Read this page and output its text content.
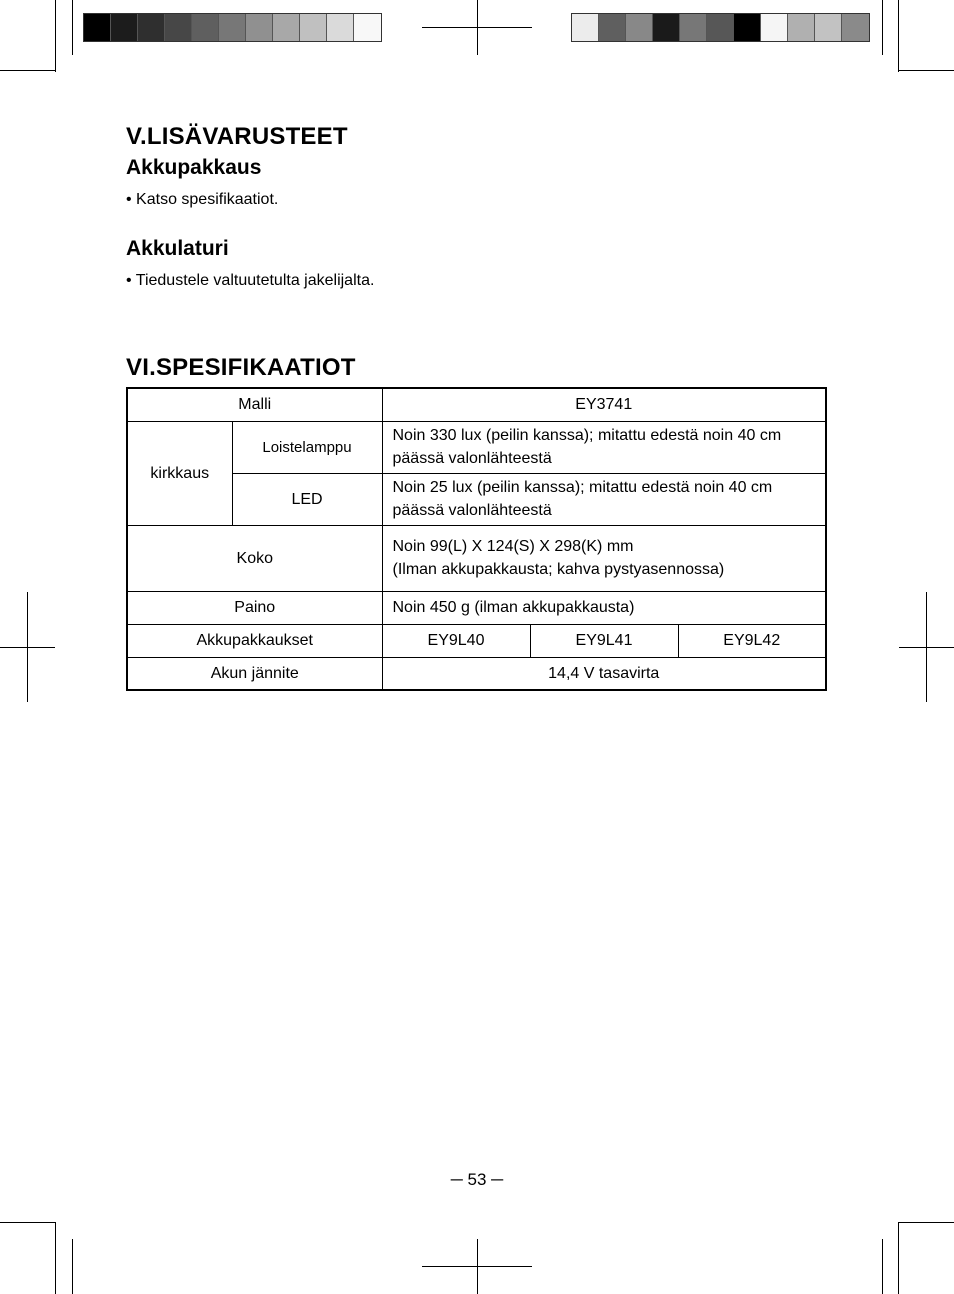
V.LISÄVARUSTEET
Akkupakkaus

• Katso spesifikaatiot.

Akkulaturi

• Tiedustele valtuutetulta jakelijalta.

VI.SPESIFIKAATIOT
Malli		EY3741		
kirkkaus	Loistelamppu	Noin 330 lux (peilin kanssa); mitattu edestä noin 40 cm
päässä valonlähteestä		

	LED	Noin 25 lux (peilin kanssa); mitattu edestä noin 40 cm
päässä valonlähteestä		

Koko		Noin 99(L) X 124(S) X 298(K) mm
(Ilman akkupakkausta; kahva pystyasennossa)		

Paino		Noin 450 g (ilman akkupakkausta)		
Akkupakkaukset		EY9L40	EY9L41	EY9L42
Akun jännite		14,4 V tasavirta		
─ 53 ─
